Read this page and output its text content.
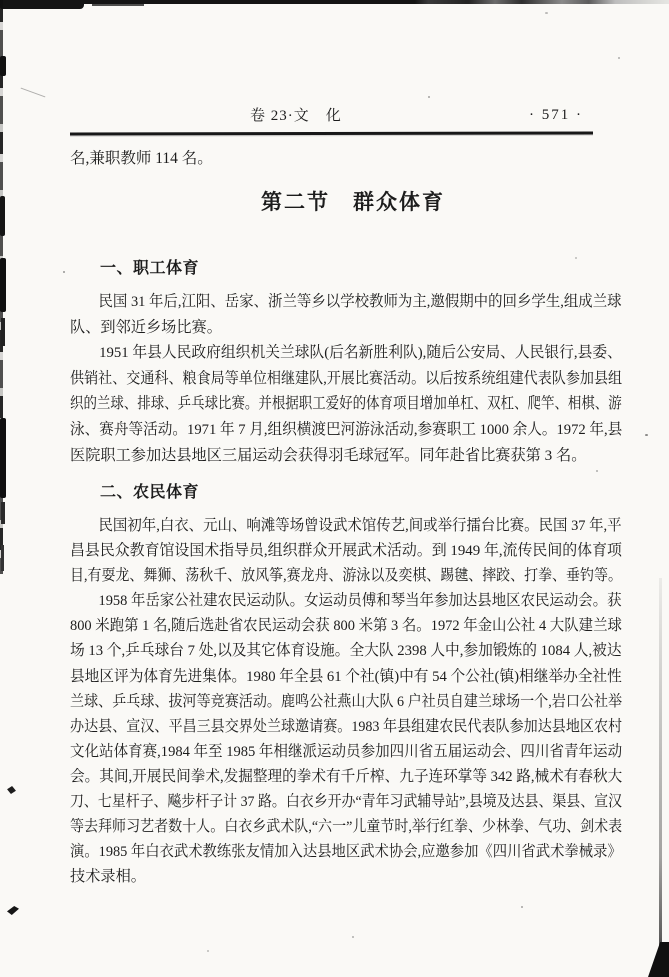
卷 23·文　化	· 571 ·
名,兼职教师 114 名。
第二节　群众体育
一、职工体育
民国 31 年后,江阳、岳家、浙兰等乡以学校教师为主,邀假期中的回乡学生,组成兰球
队、到邻近乡场比赛。
1951 年县人民政府组织机关兰球队(后名新胜利队),随后公安局、人民银行,县委、
供销社、交通科、粮食局等单位相继建队,开展比赛活动。以后按系统组建代表队参加县组
织的兰球、排球、乒乓球比赛。并根据职工爱好的体育项目增加单杠、双杠、爬竿、相棋、游
泳、赛舟等活动。1971 年 7 月,组织横渡巴河游泳活动,参赛职工 1000 余人。1972 年,县
医院职工参加达县地区三届运动会获得羽毛球冠军。同年赴省比赛获第 3 名。
二、农民体育
民国初年,白衣、元山、响滩等场曾设武术馆传艺,间或举行擂台比赛。民国 37 年,平
昌县民众教育馆设国术指导员,组织群众开展武术活动。到 1949 年,流传民间的体育项
目,有耍龙、舞狮、荡秋千、放风筝,赛龙舟、游泳以及奕棋、踢毽、摔跤、打拳、垂钓等。
1958 年岳家公社建农民运动队。女运动员傅和琴当年参加达县地区农民运动会。获
800 米跑第 1 名,随后选赴省农民运动会获 800 米第 3 名。1972 年金山公社 4 大队建兰球
场 13 个,乒乓球台 7 处,以及其它体育设施。全大队 2398 人中,参加锻炼的 1084 人,被达
县地区评为体育先进集体。1980 年全县 61 个社(镇)中有 54 个公社(镇)相继举办全社性
兰球、乒乓球、拔河等竞赛活动。鹿鸣公社燕山大队 6 户社员自建兰球场一个,岩口公社举
办达县、宣汉、平昌三县交界处兰球邀请赛。1983 年县组建农民代表队参加达县地区农村
文化站体育赛,1984 年至 1985 年相继派运动员参加四川省五届运动会、四川省青年运动
会。其间,开展民间拳术,发掘整理的拳术有千斤榨、九子连环掌等 342 路,械术有春秋大
刀、七星杆子、飚步杆子计 37 路。白衣乡开办“青年习武辅导站”,县境及达县、渠县、宣汉
等去拜师习艺者数十人。白衣乡武术队,“六一”儿童节时,举行红拳、少林拳、气功、剑术表
演。1985 年白衣武术教练张友情加入达县地区武术协会,应邀参加《四川省武术拳械录》
技术录相。
